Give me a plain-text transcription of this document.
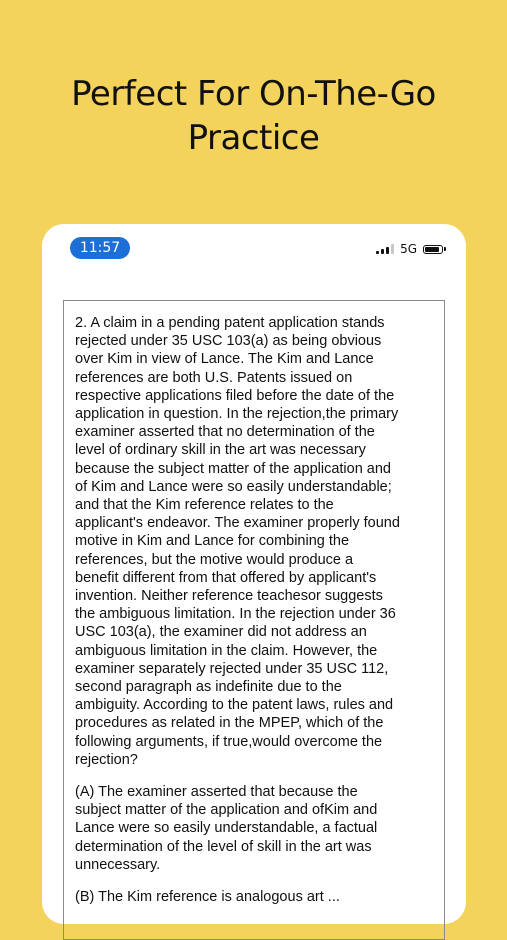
Perfect For On-The-Go
Practice
11:57	5G

2. A claim in a pending patent application stands
rejected under 35 USC 103(a) as being obvious
over Kim in view of Lance. The Kim and Lance
references are both U.S. Patents issued on
respective applications filed before the date of the
application in question. In the rejection,the primary
examiner asserted that no determination of the
level of ordinary skill in the art was necessary
because the subject matter of the application and
of Kim and Lance were so easily understandable;
and that the Kim reference relates to the
applicant's endeavor. The examiner properly found
motive in Kim and Lance for combining the
references, but the motive would produce a
benefit different from that offered by applicant's
invention. Neither reference teachesor suggests
the ambiguous limitation. In the rejection under 36
USC 103(a), the examiner did not address an
ambiguous limitation in the claim. However, the
examiner separately rejected under 35 USC 112,
second paragraph as indefinite due to the
ambiguity. According to the patent laws, rules and
procedures as related in the MPEP, which of the
following arguments, if true,would overcome the
rejection?

(A) The examiner asserted that because the
subject matter of the application and ofKim and
Lance were so easily understandable, a factual
determination of the level of skill in the art was
unnecessary.

(B) The Kim reference is analogous art ...
